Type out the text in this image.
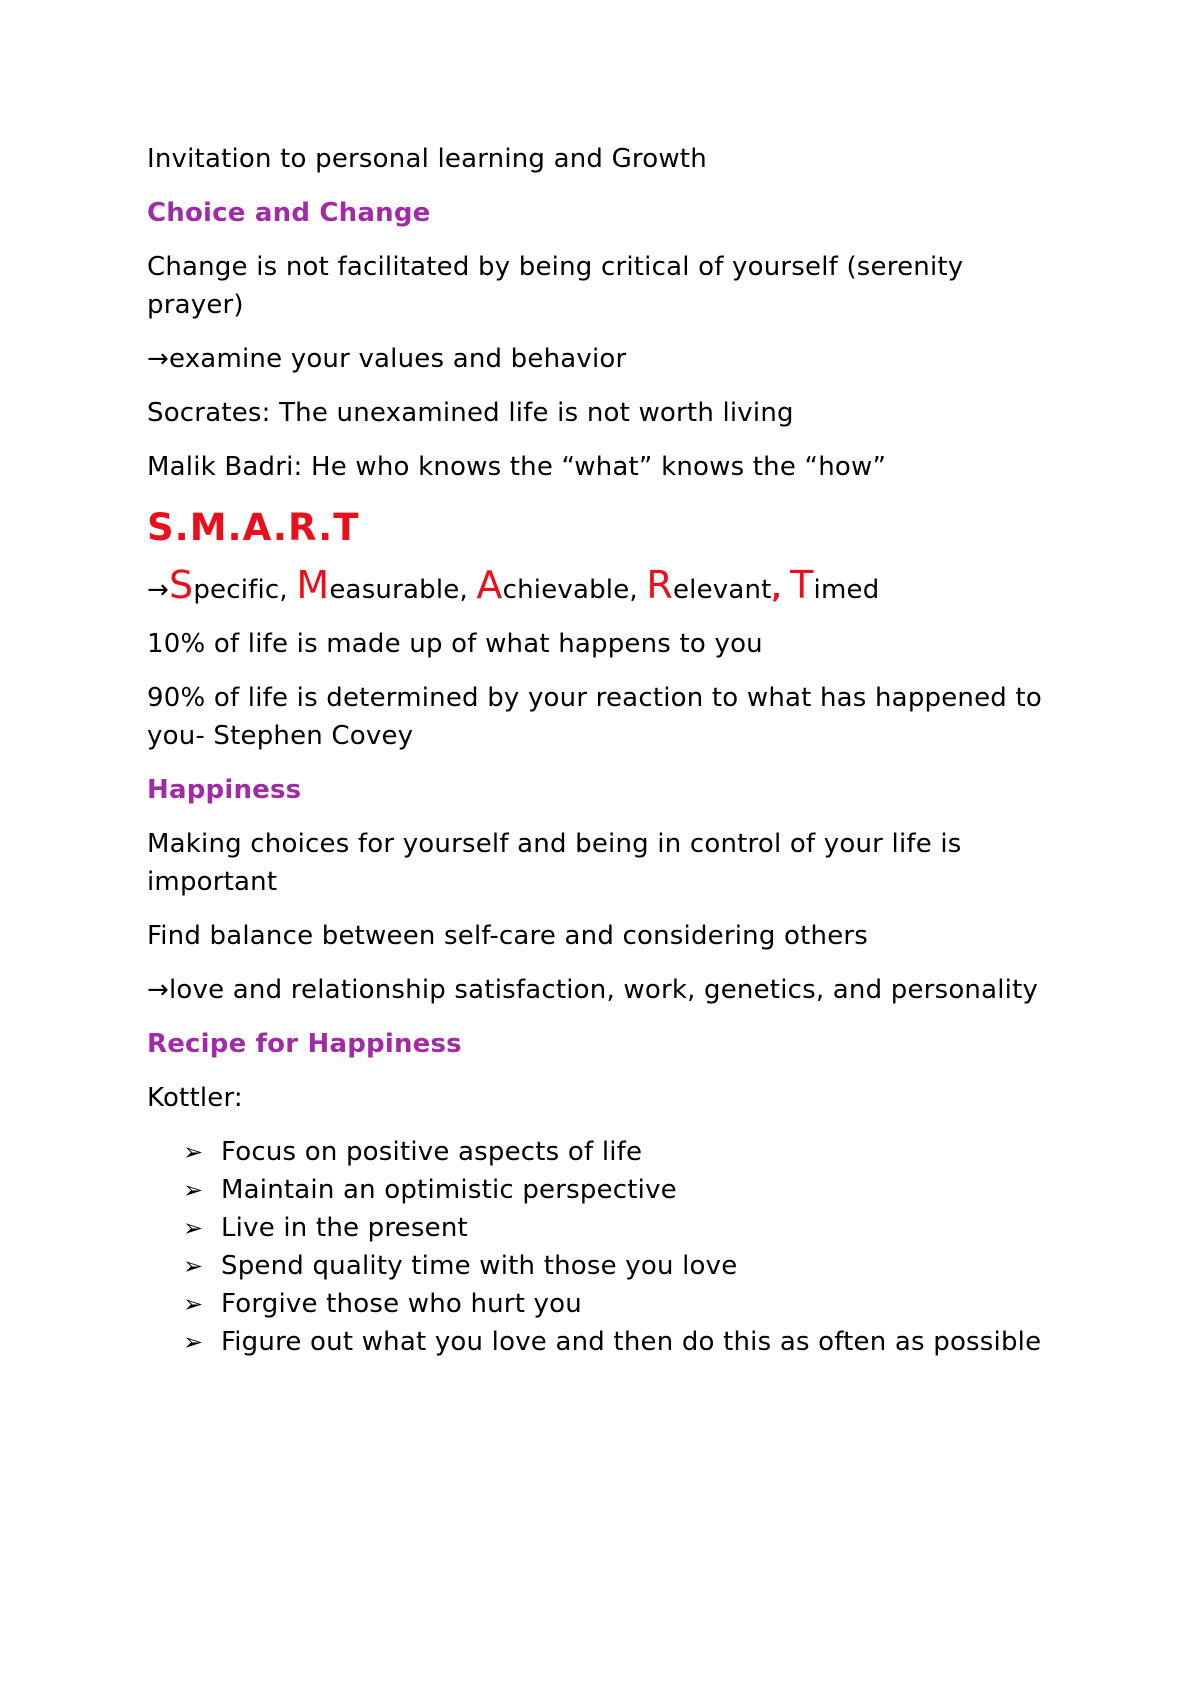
Invitation to personal learning and Growth

Choice and Change

Change is not facilitated by being critical of yourself (serenity prayer)

→examine your values and behavior

Socrates: The unexamined life is not worth living

Malik Badri: He who knows the “what” knows the “how”

S.M.A.R.T

→Specific, Measurable, Achievable, Relevant, Timed

10% of life is made up of what happens to you

90% of life is determined by your reaction to what has happened to you- Stephen Covey

Happiness

Making choices for yourself and being in control of your life is important

Find balance between self-care and considering others

→love and relationship satisfaction, work, genetics, and personality

Recipe for Happiness

Kottler:

➢ Focus on positive aspects of life
➢ Maintain an optimistic perspective
➢ Live in the present
➢ Spend quality time with those you love
➢ Forgive those who hurt you
➢ Figure out what you love and then do this as often as possible
